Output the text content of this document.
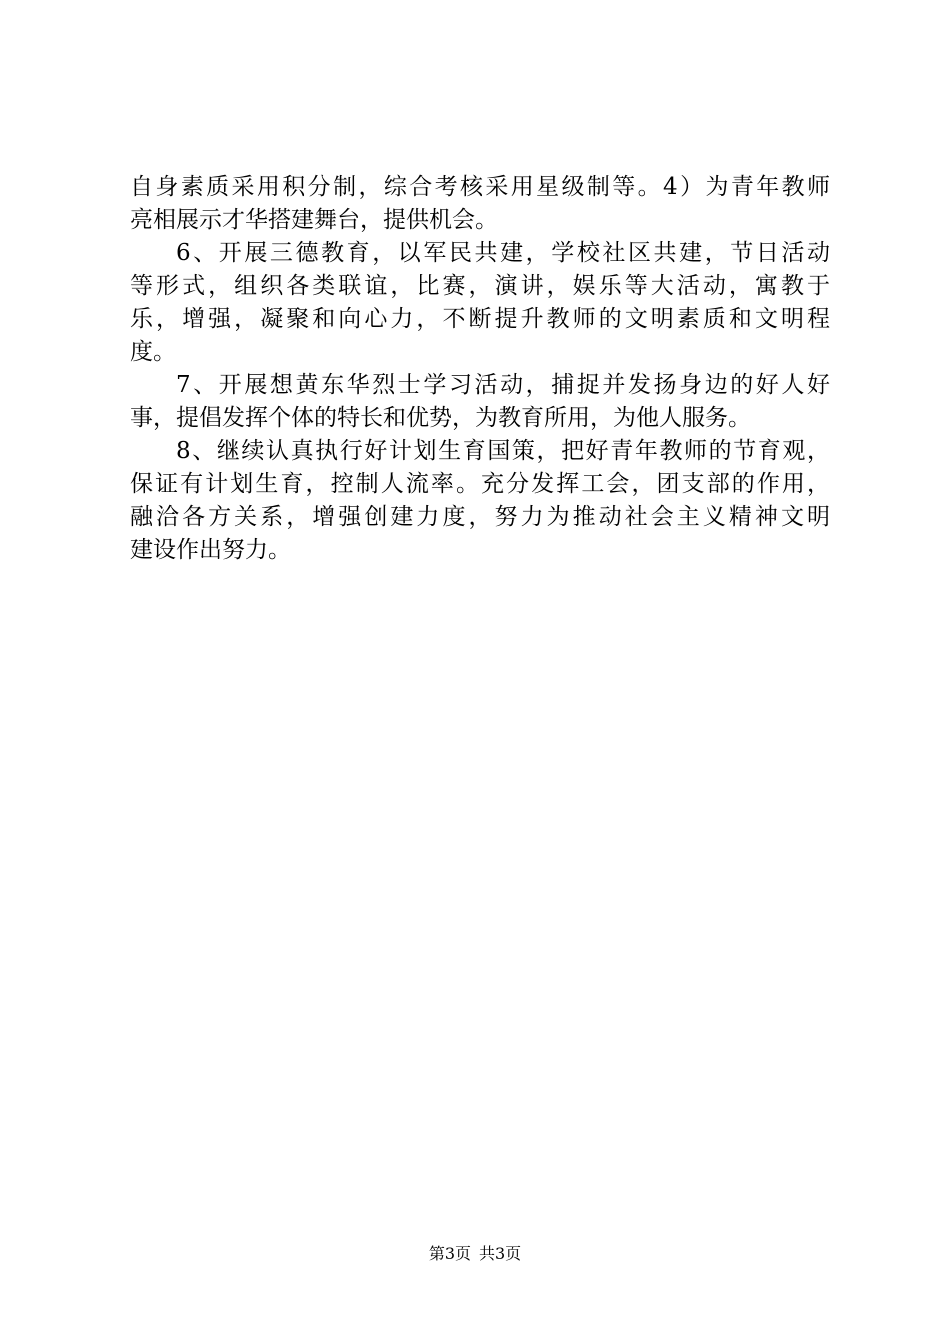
自身素质采用积分制，综合考核采用星级制等。4）为青年教师
亮相展示才华搭建舞台，提供机会。
6、开展三德教育，以军民共建，学校社区共建，节日活动
等形式，组织各类联谊，比赛，演讲，娱乐等大活动，寓教于
乐，增强，凝聚和向心力，不断提升教师的文明素质和文明程
度。
7、开展想黄东华烈士学习活动，捕捉并发扬身边的好人好
事，提倡发挥个体的特长和优势，为教育所用，为他人服务。
8、继续认真执行好计划生育国策，把好青年教师的节育观，
保证有计划生育，控制人流率。充分发挥工会，团支部的作用，
融洽各方关系，增强创建力度，努力为推动社会主义精神文明
建设作出努力。
第3页 共3页
